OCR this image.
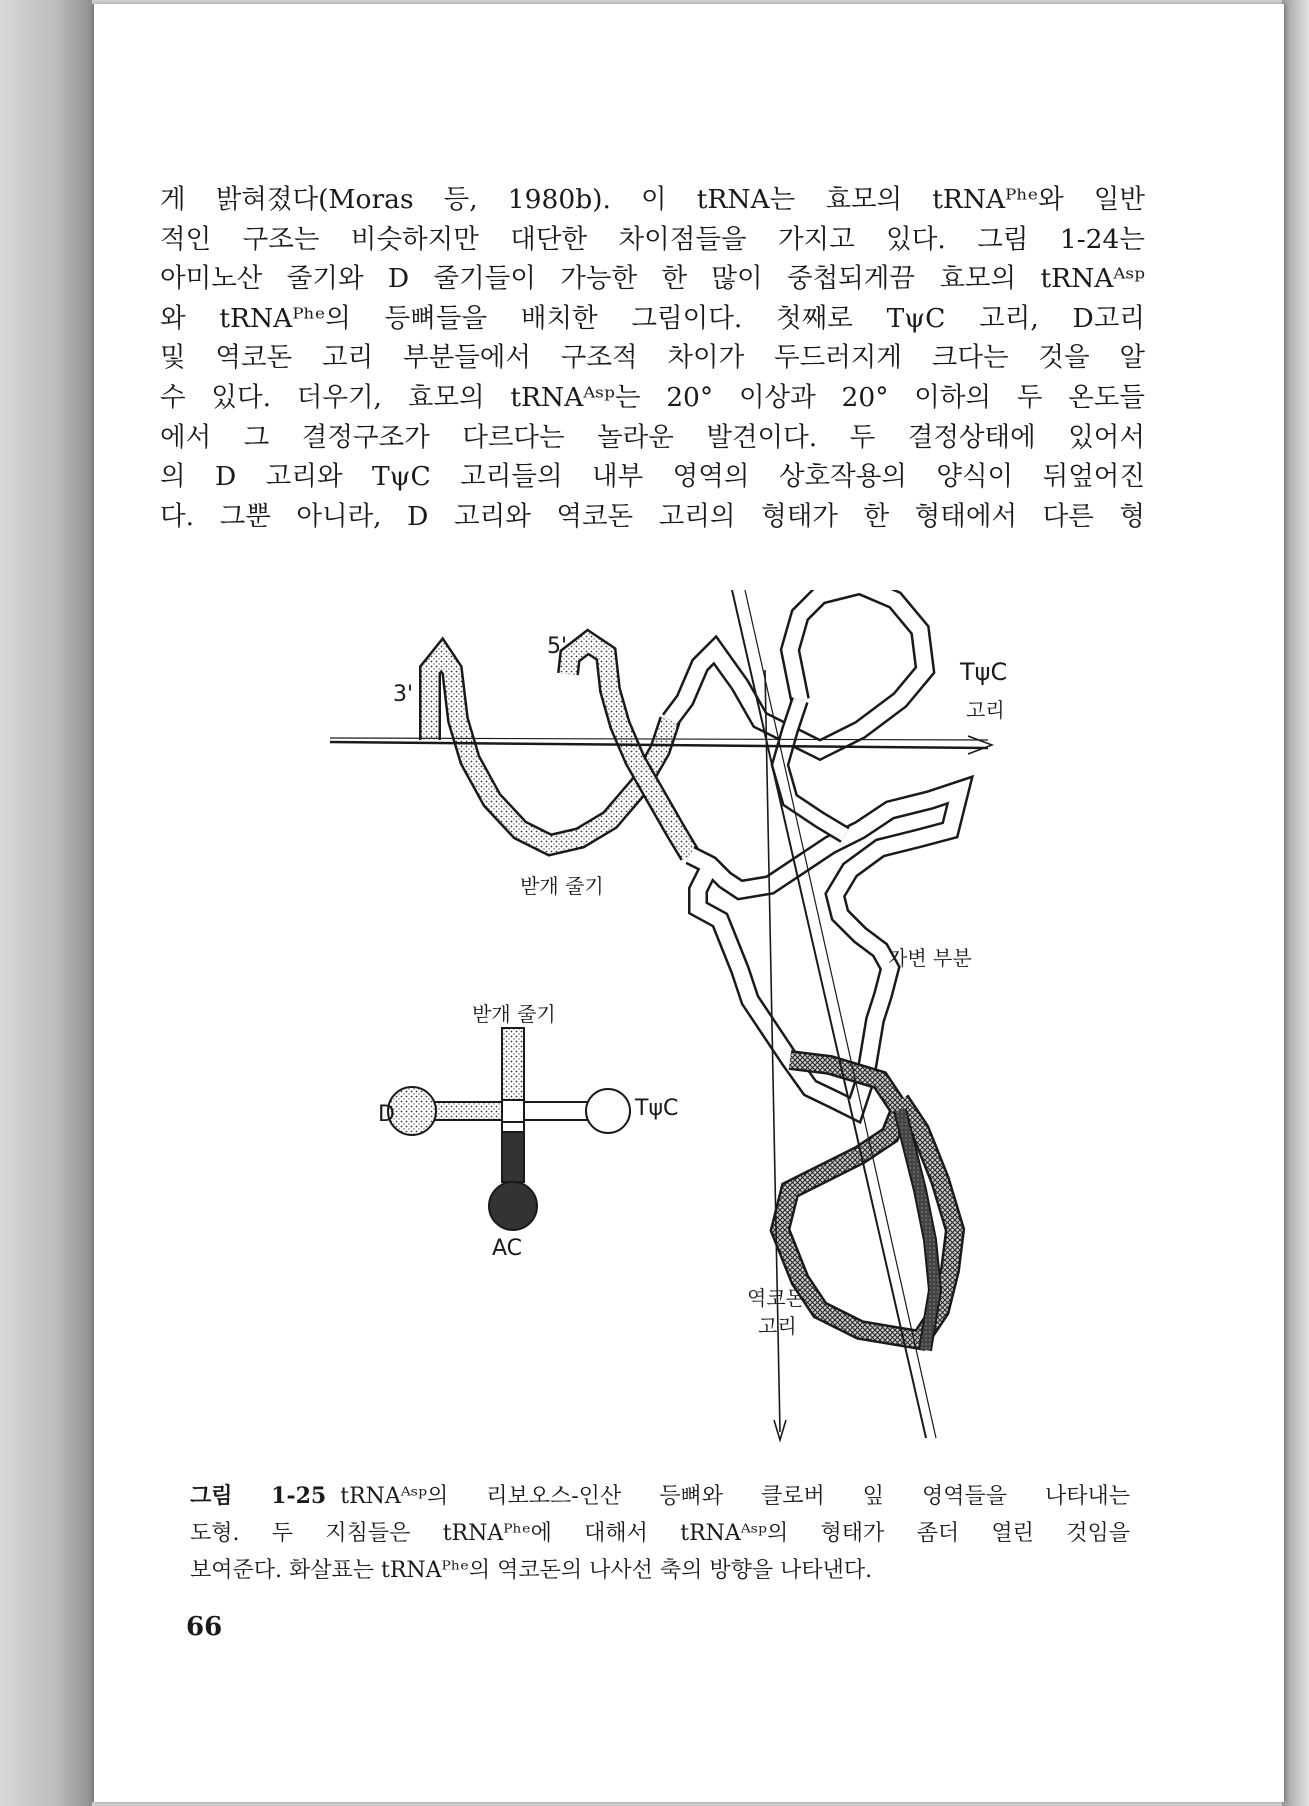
게 밝혀졌다(Moras 등, 1980b). 이 tRNA는 효모의 tRNAᴾʰᵉ와 일반
적인 구조는 비슷하지만 대단한 차이점들을 가지고 있다. 그림 1-24는
아미노산 줄기와 D 줄기들이 가능한 한 많이 중첩되게끔 효모의 tRNAᴬˢᵖ
와 tRNAᴾʰᵉ의 등뼈들을 배치한 그림이다. 첫째로 TψC 고리, D고리
및 역코돈 고리 부분들에서 구조적 차이가 두드러지게 크다는 것을 알
수 있다. 더우기, 효모의 tRNAᴬˢᵖ는 20° 이상과 20° 이하의 두 온도들
에서 그 결정구조가 다르다는 놀라운 발견이다. 두 결정상태에 있어서
의 D 고리와 TψC 고리들의 내부 영역의 상호작용의 양식이 뒤엎어진
다. 그뿐 아니라, D 고리와 역코돈 고리의 형태가 한 형태에서 다른 형
3'
5'
TψC
고리
받개 줄기
가변 부분
받개 줄기
D	TψC
AC
역코돈
고리
그림 1-25 tRNAᴬˢᵖ의 리보오스-인산 등뼈와 클로버 잎 영역들을 나타내는
도형. 두 지침들은 tRNAᴾʰᵉ에 대해서 tRNAᴬˢᵖ의 형태가 좀더 열린 것임을
보여준다. 화살표는 tRNAᴾʰᵉ의 역코돈의 나사선 축의 방향을 나타낸다.
66
